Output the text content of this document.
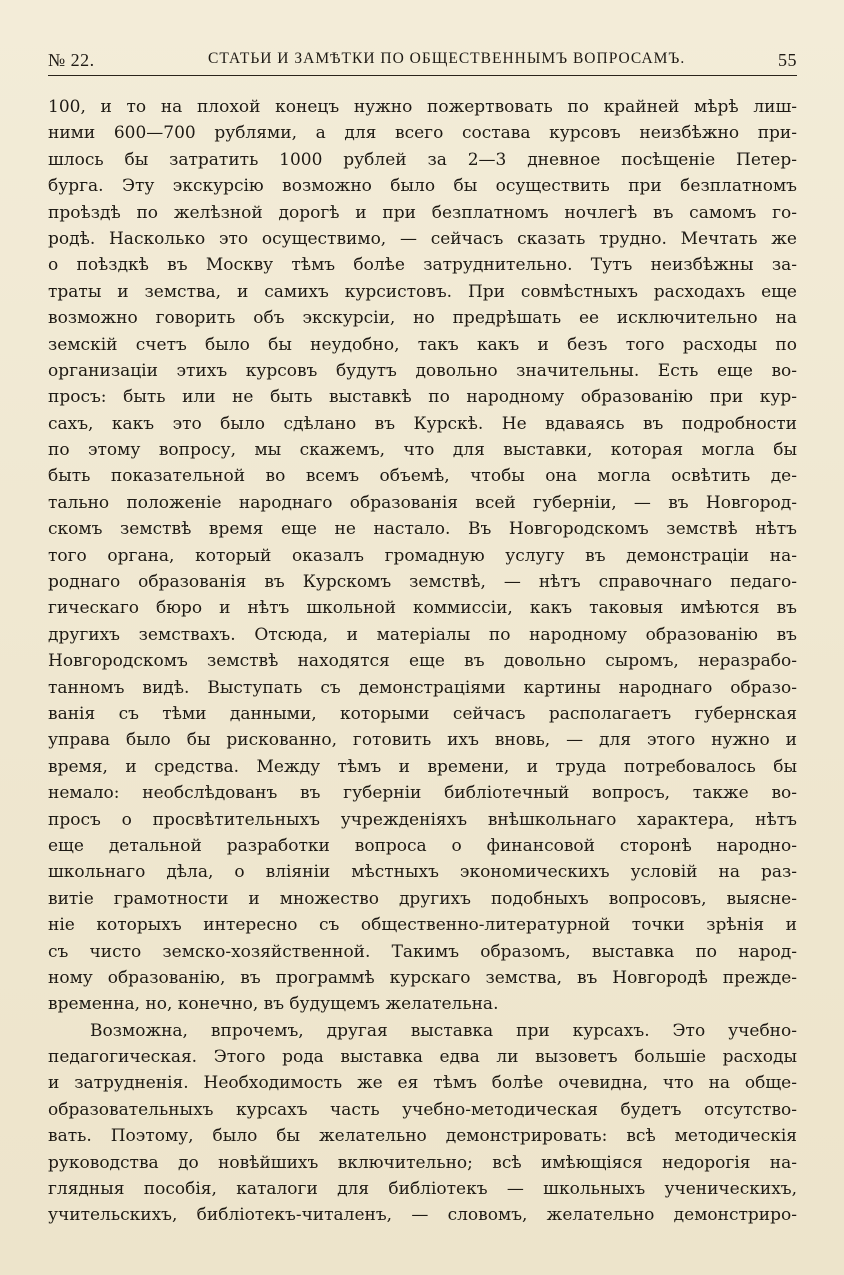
№ 22.	СТАТЬИ И ЗАМѢТКИ ПО ОБЩЕСТВЕННЫМЪ ВОПРОСАМЪ.	55
100, и то на плохой конецъ нужно пожертвовать по крайней мѣрѣ лиш-
ними 600—700 рублями, а для всего состава курсовъ неизбѣжно при-
шлось бы затратить 1000 рублей за 2—3 дневное посѣщеніе Петер-
бурга. Эту экскурсію возможно было бы осуществить при безплатномъ
проѣздѣ по желѣзной дорогѣ и при безплатномъ ночлегѣ въ самомъ го-
родѣ. Насколько это осуществимо, — сейчасъ сказать трудно. Мечтать же
о поѣздкѣ въ Москву тѣмъ болѣе затруднительно. Тутъ неизбѣжны за-
траты и земства, и самихъ курсистовъ. При совмѣстныхъ расходахъ еще
возможно говорить объ экскурсіи, но предрѣшать ее исключительно на
земскій счетъ было бы неудобно, такъ какъ и безъ того расходы по
организаціи этихъ курсовъ будутъ довольно значительны. Есть еще во-
просъ: быть или не быть выставкѣ по народному образованію при кур-
сахъ, какъ это было сдѣлано въ Курскѣ. Не вдаваясь въ подробности
по этому вопросу, мы скажемъ, что для выставки, которая могла бы
быть показательной во всемъ объемѣ, чтобы она могла освѣтить де-
тально положеніе народнаго образованія всей губерніи, — въ Новгород-
скомъ земствѣ время еще не настало. Въ Новгородскомъ земствѣ нѣтъ
того органа, который оказалъ громадную услугу въ демонстраціи на-
роднаго образованія въ Курскомъ земствѣ, — нѣтъ справочнаго педаго-
гическаго бюро и нѣтъ школьной коммиссіи, какъ таковыя имѣются въ
другихъ земствахъ. Отсюда, и матеріалы по народному образованію въ
Новгородскомъ земствѣ находятся еще въ довольно сыромъ, неразрабо-
танномъ видѣ. Выступать съ демонстраціями картины народнаго образо-
ванія съ тѣми данными, которыми сейчасъ располагаетъ губернская
управа было бы рискованно, готовить ихъ вновь, — для этого нужно и
время, и средства. Между тѣмъ и времени, и труда потребовалось бы
немало: необслѣдованъ въ губерніи библіотечный вопросъ, также во-
просъ о просвѣтительныхъ учрежденіяхъ внѣшкольнаго характера, нѣтъ
еще детальной разработки вопроса о финансовой сторонѣ народно-
школьнаго дѣла, о вліяніи мѣстныхъ экономическихъ условій на раз-
витіе грамотности и множество другихъ подобныхъ вопросовъ, выясне-
ніе которыхъ интересно съ общественно-литературной точки зрѣнія и
съ чисто земско-хозяйственной. Такимъ образомъ, выставка по народ-
ному образованію, въ программѣ курскаго земства, въ Новгородѣ прежде-
временна, но, конечно, въ будущемъ желательна.
Возможна, впрочемъ, другая выставка при курсахъ. Это учебно-
педагогическая. Этого рода выставка едва ли вызоветъ большіе расходы
и затрудненія. Необходимость же ея тѣмъ болѣе очевидна, что на обще-
образовательныхъ курсахъ часть учебно-методическая будетъ отсутство-
вать. Поэтому, было бы желательно демонстрировать: всѣ методическія
руководства до новѣйшихъ включительно; всѣ имѣющіяся недорогія на-
глядныя пособія, каталоги для библіотекъ — школьныхъ ученическихъ,
учительскихъ, библіотекъ-читаленъ, — словомъ, желательно демонстриро-
